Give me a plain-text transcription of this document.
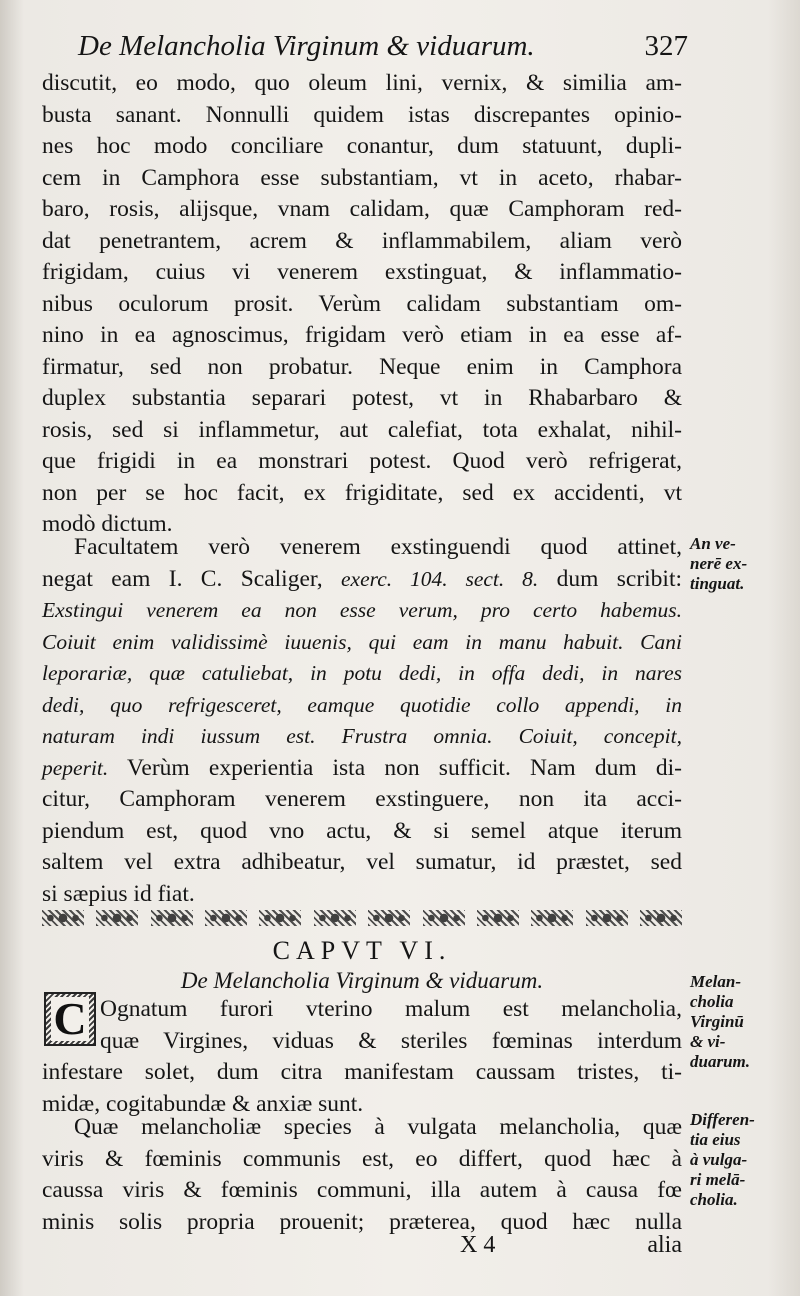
De Melancholia Virginum & viduarum.	327
discutit, eo modo, quo oleum lini, vernix, & similia am-
busta sanant. Nonnulli quidem istas discrepantes opinio-
nes hoc modo conciliare conantur, dum statuunt, dupli-
cem in Camphora esse substantiam, vt in aceto, rhabar-
baro, rosis, alijsque, vnam calidam, quæ Camphoram red-
dat penetrantem, acrem & inflammabilem, aliam verò
frigidam, cuius vi venerem exstinguat, & inflammatio-
nibus oculorum prosit. Verùm calidam substantiam om-
nino in ea agnoscimus, frigidam verò etiam in ea esse af-
firmatur, sed non probatur. Neque enim in Camphora
duplex substantia separari potest, vt in Rhabarbaro &
rosis, sed si inflammetur, aut calefiat, tota exhalat, nihil-
que frigidi in ea monstrari potest. Quod verò refrigerat,
non per se hoc facit, ex frigiditate, sed ex accidenti, vt
modò dictum.
Facultatem verò venerem exstinguendi quod attinet,
negat eam I. C. Scaliger, exerc. 104. sect. 8. dum scribit:
Exstingui venerem ea non esse verum, pro certo habemus.
Coiuit enim validissimè iuuenis, qui eam in manu habuit. Cani
leporariæ, quæ catuliebat, in potu dedi, in offa dedi, in nares
dedi, quo refrigesceret, eamque quotidie collo appendi, in
naturam indi iussum est. Frustra omnia. Coiuit, concepit,
peperit. Verùm experientia ista non sufficit. Nam dum di-
citur, Camphoram venerem exstinguere, non ita acci-
piendum est, quod vno actu, & si semel atque iterum
saltem vel extra adhibeatur, vel sumatur, id præstet, sed
si sæpius id fiat.
An ve-
nerē ex-
tinguat.
CAPVT VI.
De Melancholia Virginum & viduarum.
C Ognatum furori vterino malum est melancholia,
quæ Virgines, viduas & steriles fœminas interdum
infestare solet, dum citra manifestam caussam tristes, ti-
midæ, cogitabundæ & anxiæ sunt.
Quæ melancholiæ species à vulgata melancholia, quæ
viris & fœminis communis est, eo differt, quod hæc à
caussa viris & fœminis communi, illa autem à causa fœ
minis solis propria prouenit; præterea, quod hæc nulla
Melan-
cholia
Virginū
& vi-
duarum.
Differen-
tia eius
à vulga-
ri melā-
cholia.
X 4	alia
